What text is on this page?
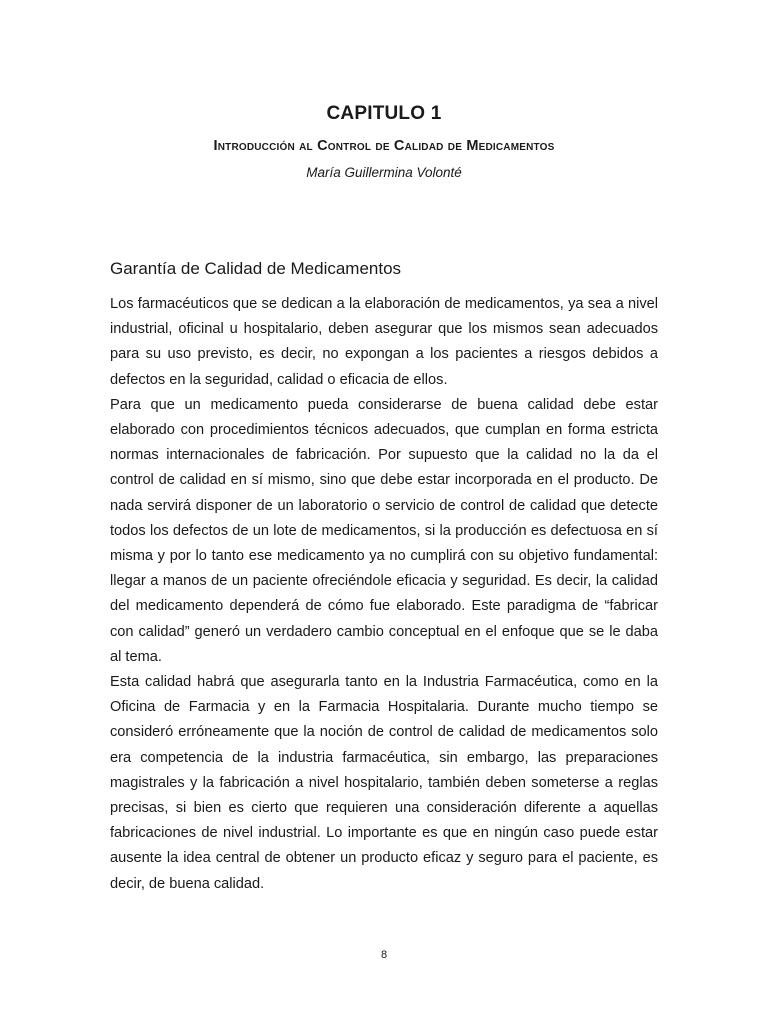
CAPITULO 1
Introducción al Control de Calidad de Medicamentos
María Guillermina Volonté
Garantía de Calidad de Medicamentos

Los farmacéuticos que se dedican a la elaboración de medicamentos, ya sea a nivel industrial, oficinal u hospitalario, deben asegurar que los mismos sean adecuados para su uso previsto, es decir, no expongan a los pacientes a riesgos debidos a defectos en la seguridad, calidad o eficacia de ellos.

Para que un medicamento pueda considerarse de buena calidad debe estar elaborado con procedimientos técnicos adecuados, que cumplan en forma estricta normas internacionales de fabricación. Por supuesto que la calidad no la da el control de calidad en sí mismo, sino que debe estar incorporada en el producto. De nada servirá disponer de un laboratorio o servicio de control de calidad que detecte todos los defectos de un lote de medicamentos, si la producción es defectuosa en sí misma y por lo tanto ese medicamento ya no cumplirá con su objetivo fundamental: llegar a manos de un paciente ofreciéndole eficacia y seguridad. Es decir, la calidad del medicamento dependerá de cómo fue elaborado. Este paradigma de “fabricar con calidad” generó un verdadero cambio conceptual en el enfoque que se le daba al tema.

Esta calidad habrá que asegurarla tanto en la Industria Farmacéutica, como en la Oficina de Farmacia y en la Farmacia Hospitalaria. Durante mucho tiempo se consideró erróneamente que la noción de control de calidad de medicamentos solo era competencia de la industria farmacéutica, sin embargo, las preparaciones magistrales y la fabricación a nivel hospitalario, también deben someterse a reglas precisas, si bien es cierto que requieren una consideración diferente a aquellas fabricaciones de nivel industrial. Lo importante es que en ningún caso puede estar ausente la idea central de obtener un producto eficaz y seguro para el paciente, es decir, de buena calidad.

8
